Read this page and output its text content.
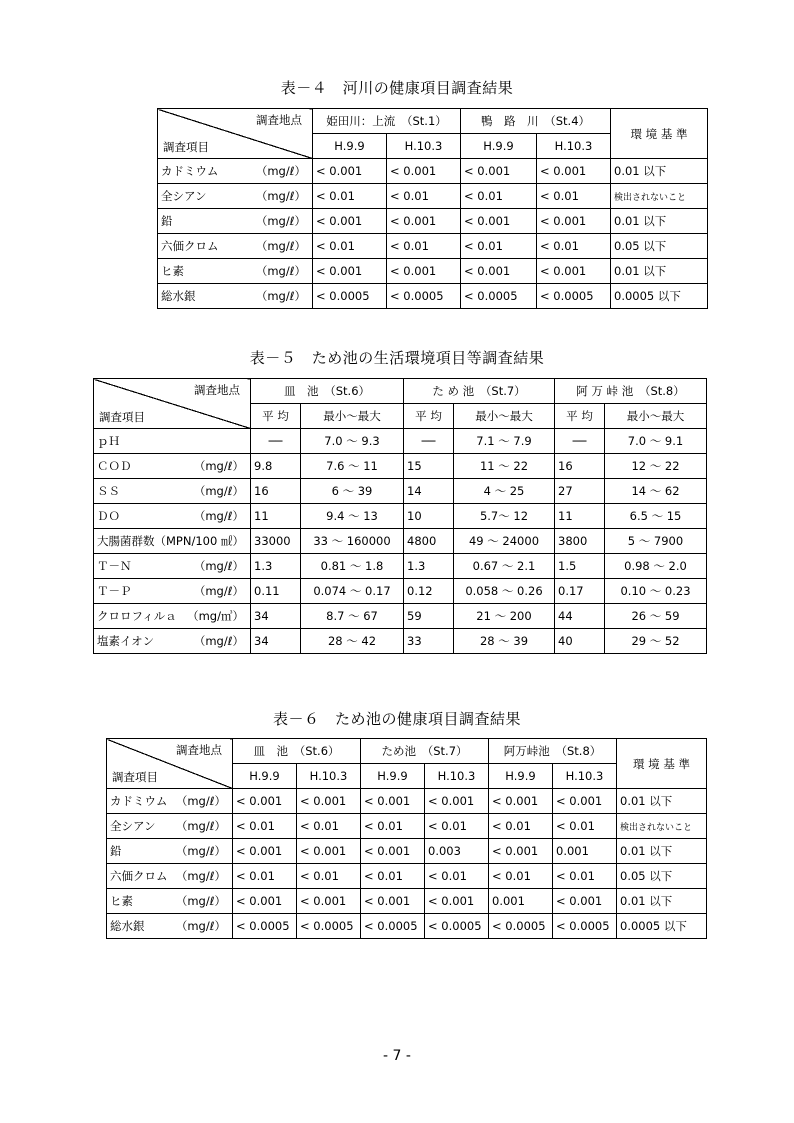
表－４　河川の健康項目調査結果
調査地点
調査項目	姫田川：上流　（St.1）		鴨　路　川　（St.4）		環 境 基 準
	H.9.9	H.10.3	H.9.9	H.10.3	
カドミウム （mg/ℓ）	< 0.001	< 0.001	< 0.001	< 0.001	0.01 以下
全シアン （mg/ℓ）	< 0.01	< 0.01	< 0.01	< 0.01	検出されないこと
鉛 （mg/ℓ）	< 0.001	< 0.001	< 0.001	< 0.001	0.01 以下
六価クロム （mg/ℓ）	< 0.01	< 0.01	< 0.01	< 0.01	0.05 以下
ヒ素 （mg/ℓ）	< 0.001	< 0.001	< 0.001	< 0.001	0.01 以下
総水銀 （mg/ℓ）	< 0.0005	< 0.0005	< 0.0005	< 0.0005	0.0005 以下
表－５　ため池の生活環境項目等調査結果
調査地点
調査項目	皿　池　（St.6）		た め 池　（St.7）		阿 万 峠 池　（St.8）	
	平 均	最小～最大	平 均	最小～最大	平 均	最小～最大
ｐＨ	──	7.0 ～ 9.3	──	7.1 ～ 7.9	──	7.0 ～ 9.1
ＣＯＤ （mg/ℓ）	9.8	7.6 ～ 11	15	11 ～ 22	16	12 ～ 22
ＳＳ （mg/ℓ）	16	6 ～ 39	14	4 ～ 25	27	14 ～ 62
ＤＯ （mg/ℓ）	11	9.4 ～ 13	10	5.7～ 12	11	6.5 ～ 15
大腸菌群数（MPN/100 ㎖）	33000	33 ～ 160000	4800	49 ～ 24000	3800	5 ～ 7900
Ｔ－Ｎ （mg/ℓ）	1.3	0.81 ～ 1.8	1.3	0.67 ～ 2.1	1.5	0.98 ～ 2.0
Ｔ－Ｐ （mg/ℓ）	0.11	0.074 ～ 0.17	0.12	0.058 ～ 0.26	0.17	0.10 ～ 0.23
クロロフィルａ （mg/㎥）	34	8.7 ～ 67	59	21 ～ 200	44	26 ～ 59
塩素イオン （mg/ℓ）	34	28 ～ 42	33	28 ～ 39	40	29 ～ 52
表－６　ため池の健康項目調査結果
調査地点
調査項目	皿　池　（St.6）		ため池　（St.7）		阿万峠池　（St.8）		環 境 基 準
	H.9.9	H.10.3	H.9.9	H.10.3	H.9.9	H.10.3	
カドミウム （mg/ℓ）	< 0.001	< 0.001	< 0.001	< 0.001	< 0.001	< 0.001	0.01 以下
全シアン （mg/ℓ）	< 0.01	< 0.01	< 0.01	< 0.01	< 0.01	< 0.01	検出されないこと
鉛 （mg/ℓ）	< 0.001	< 0.001	< 0.001	0.003	< 0.001	0.001	0.01 以下
六価クロム （mg/ℓ）	< 0.01	< 0.01	< 0.01	< 0.01	< 0.01	< 0.01	0.05 以下
ヒ素 （mg/ℓ）	< 0.001	< 0.001	< 0.001	< 0.001	0.001	< 0.001	0.01 以下
総水銀 （mg/ℓ）	< 0.0005	< 0.0005	< 0.0005	< 0.0005	< 0.0005	< 0.0005	0.0005 以下
- 7 -
